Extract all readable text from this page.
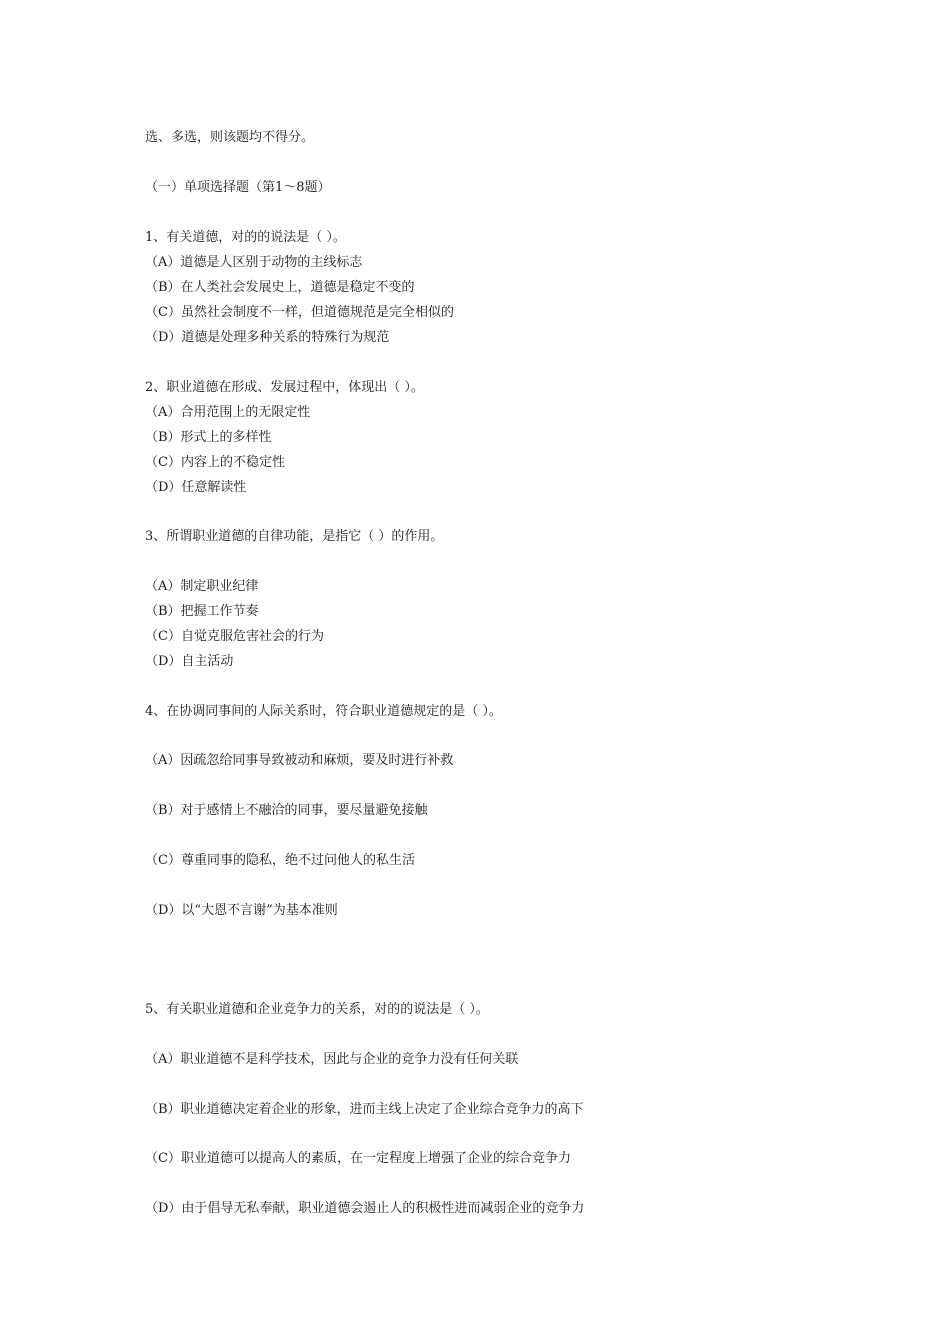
选、多选，则该题均不得分。
（一）单项选择题（第1～8题）
1、有关道德，对的的说法是（ ）。
（A）道德是人区别于动物的主线标志
（B）在人类社会发展史上，道德是稳定不变的
（C）虽然社会制度不一样，但道德规范是完全相似的
（D）道德是处理多种关系的特殊行为规范
2、职业道德在形成、发展过程中，体现出（ ）。
（A）合用范围上的无限定性
（B）形式上的多样性
（C）内容上的不稳定性
（D）任意解读性
3、所谓职业道德的自律功能，是指它（ ）的作用。
（A）制定职业纪律
（B）把握工作节奏
（C）自觉克服危害社会的行为
（D）自主活动
4、在协调同事间的人际关系时，符合职业道德规定的是（ ）。
（A）因疏忽给同事导致被动和麻烦，要及时进行补救
（B）对于感情上不融洽的同事，要尽量避免接触
（C）尊重同事的隐私，绝不过问他人的私生活
（D）以“大恩不言谢”为基本准则
5、有关职业道德和企业竞争力的关系，对的的说法是（ ）。
（A）职业道德不是科学技术，因此与企业的竞争力没有任何关联
（B）职业道德决定着企业的形象，进而主线上决定了企业综合竞争力的高下
（C）职业道德可以提高人的素质，在一定程度上增强了企业的综合竞争力
（D）由于倡导无私奉献，职业道德会遏止人的积极性进而减弱企业的竞争力
